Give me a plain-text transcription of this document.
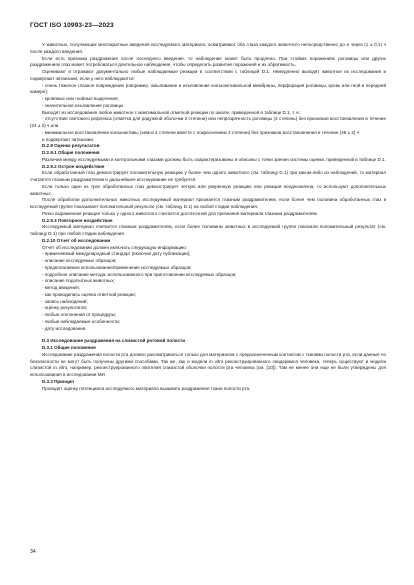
ГОСТ ISO 10993-23—2023
У животных, получающих многократные введения исследуемого материала, осматривают оба глаза каждого животного непосредственно до и через (1 ± 0,1) ч после каждого введения.
Если есть признаки раздражения после последнего введения, то наблюдение может быть продлено. При стойких поражениях роговицы или других раздражениях глаз может потребоваться длительное наблюдение, чтобы определить развитие поражений и их обратимость.
Оценивают и отражают документально любые наблюдаемые реакции в соответствии с таблицей D.1. Немедленно выводят животное из исследования и подвергают эвтаназии, если у него наблюдаются:
- очень тяжелое глазное повреждение (например, омыливание и изъязвление конъюнктивальной мембраны, перфорация роговицы, кровь или гной в передней камере);
- кровяные или гнойные выделения;
- значительное изъязвление роговицы.
Выводят из исследования любое животное с максимальной отметкой реакции по шкале, приведенной в таблице D.1, т. е.:
- отсутствие светового рефлекса (отметка для радужной оболочки 2 степени) или непрозрачность роговицы (4 степень) без признаков восстановления в течение (24 ± 2) ч или
- минимальное восстановление конъюнктивы (хемоз 4 степени вместе с покраснением 3 степени) без признаков восстановления в течение (48 ± 2) ч
и подвергают эвтаназии.
D.2.9 Оценка результатов
D.2.9.1 Общие положения
Различия между исследуемыми и контрольными глазами должны быть охарактеризованы и описаны с точки зрения системы оценки, приведенной в таблице D.1.
D.2.9.2 Острое воздействие
Если обработанный глаз демонстрирует положительную реакцию у более чем одного животного (см. таблицу D.1) при каком-либо из наблюдений, то материал считается глазным раздражителем и дальнейшее исследование не требуется.
Если только один из трех обработанных глаз демонстрирует четкую или уверенную реакцию или реакция неоднозначна, то используют дополнительных животных.
После обработки дополнительных животных исследуемый материал признается глазным раздражителем, если более чем половина обработанных глаз в исследуемой группе показывает положительный результат (см. таблицу D.1) на любой стадии наблюдения.
Резко выраженная реакция только у одного животного считается достаточной для признания материала глазным раздражителем.
D.2.9.3 Повторное воздействие
Исследуемый материал считается глазным раздражителем, если более половины животных в исследуемой группе показали положительный результат (см. таблицу D.1) при любой стадии наблюдения.
D.2.10 Отчет об исследовании
Отчет об исследовании должен включать следующую информацию:
- применяемый международный стандарт (включая дату публикации);
- описание исследуемых образцов;
- предполагаемое использование/применение исследуемых образцов;
- подробное описание метода, использованного при приготовлении исследуемых образцов;
- описание подопытных животных;
- метод введения;
- как проводилась оценка ответной реакции;
- запись наблюдений;
- оценку результатов;
- любые отклонения от процедуры;
- любые наблюдаемые особенности;
- дату исследования.
D.3 Исследование раздражения на слизистой ротовой полости
D.3.1 Общие положения
Исследование раздражения полости рта должно рассматриваться только для материалов с предназначенным контактом с тканями полости рта, если данные по безопасности не могут быть получены другими способами. Так же, как и модели in vitro реконструированного эпидермиса человека, теперь существуют и модели слизистой in vitro, например, реконструированного эпителия слизистой оболочки полости рта человека (см. [10]). Там не менее они еще не были утверждены для использования в исследовании МИ.
D.3.2 Принцип
Проводят оценку потенциала исследуемого материала вызывать раздражение ткани полости рта.
34
